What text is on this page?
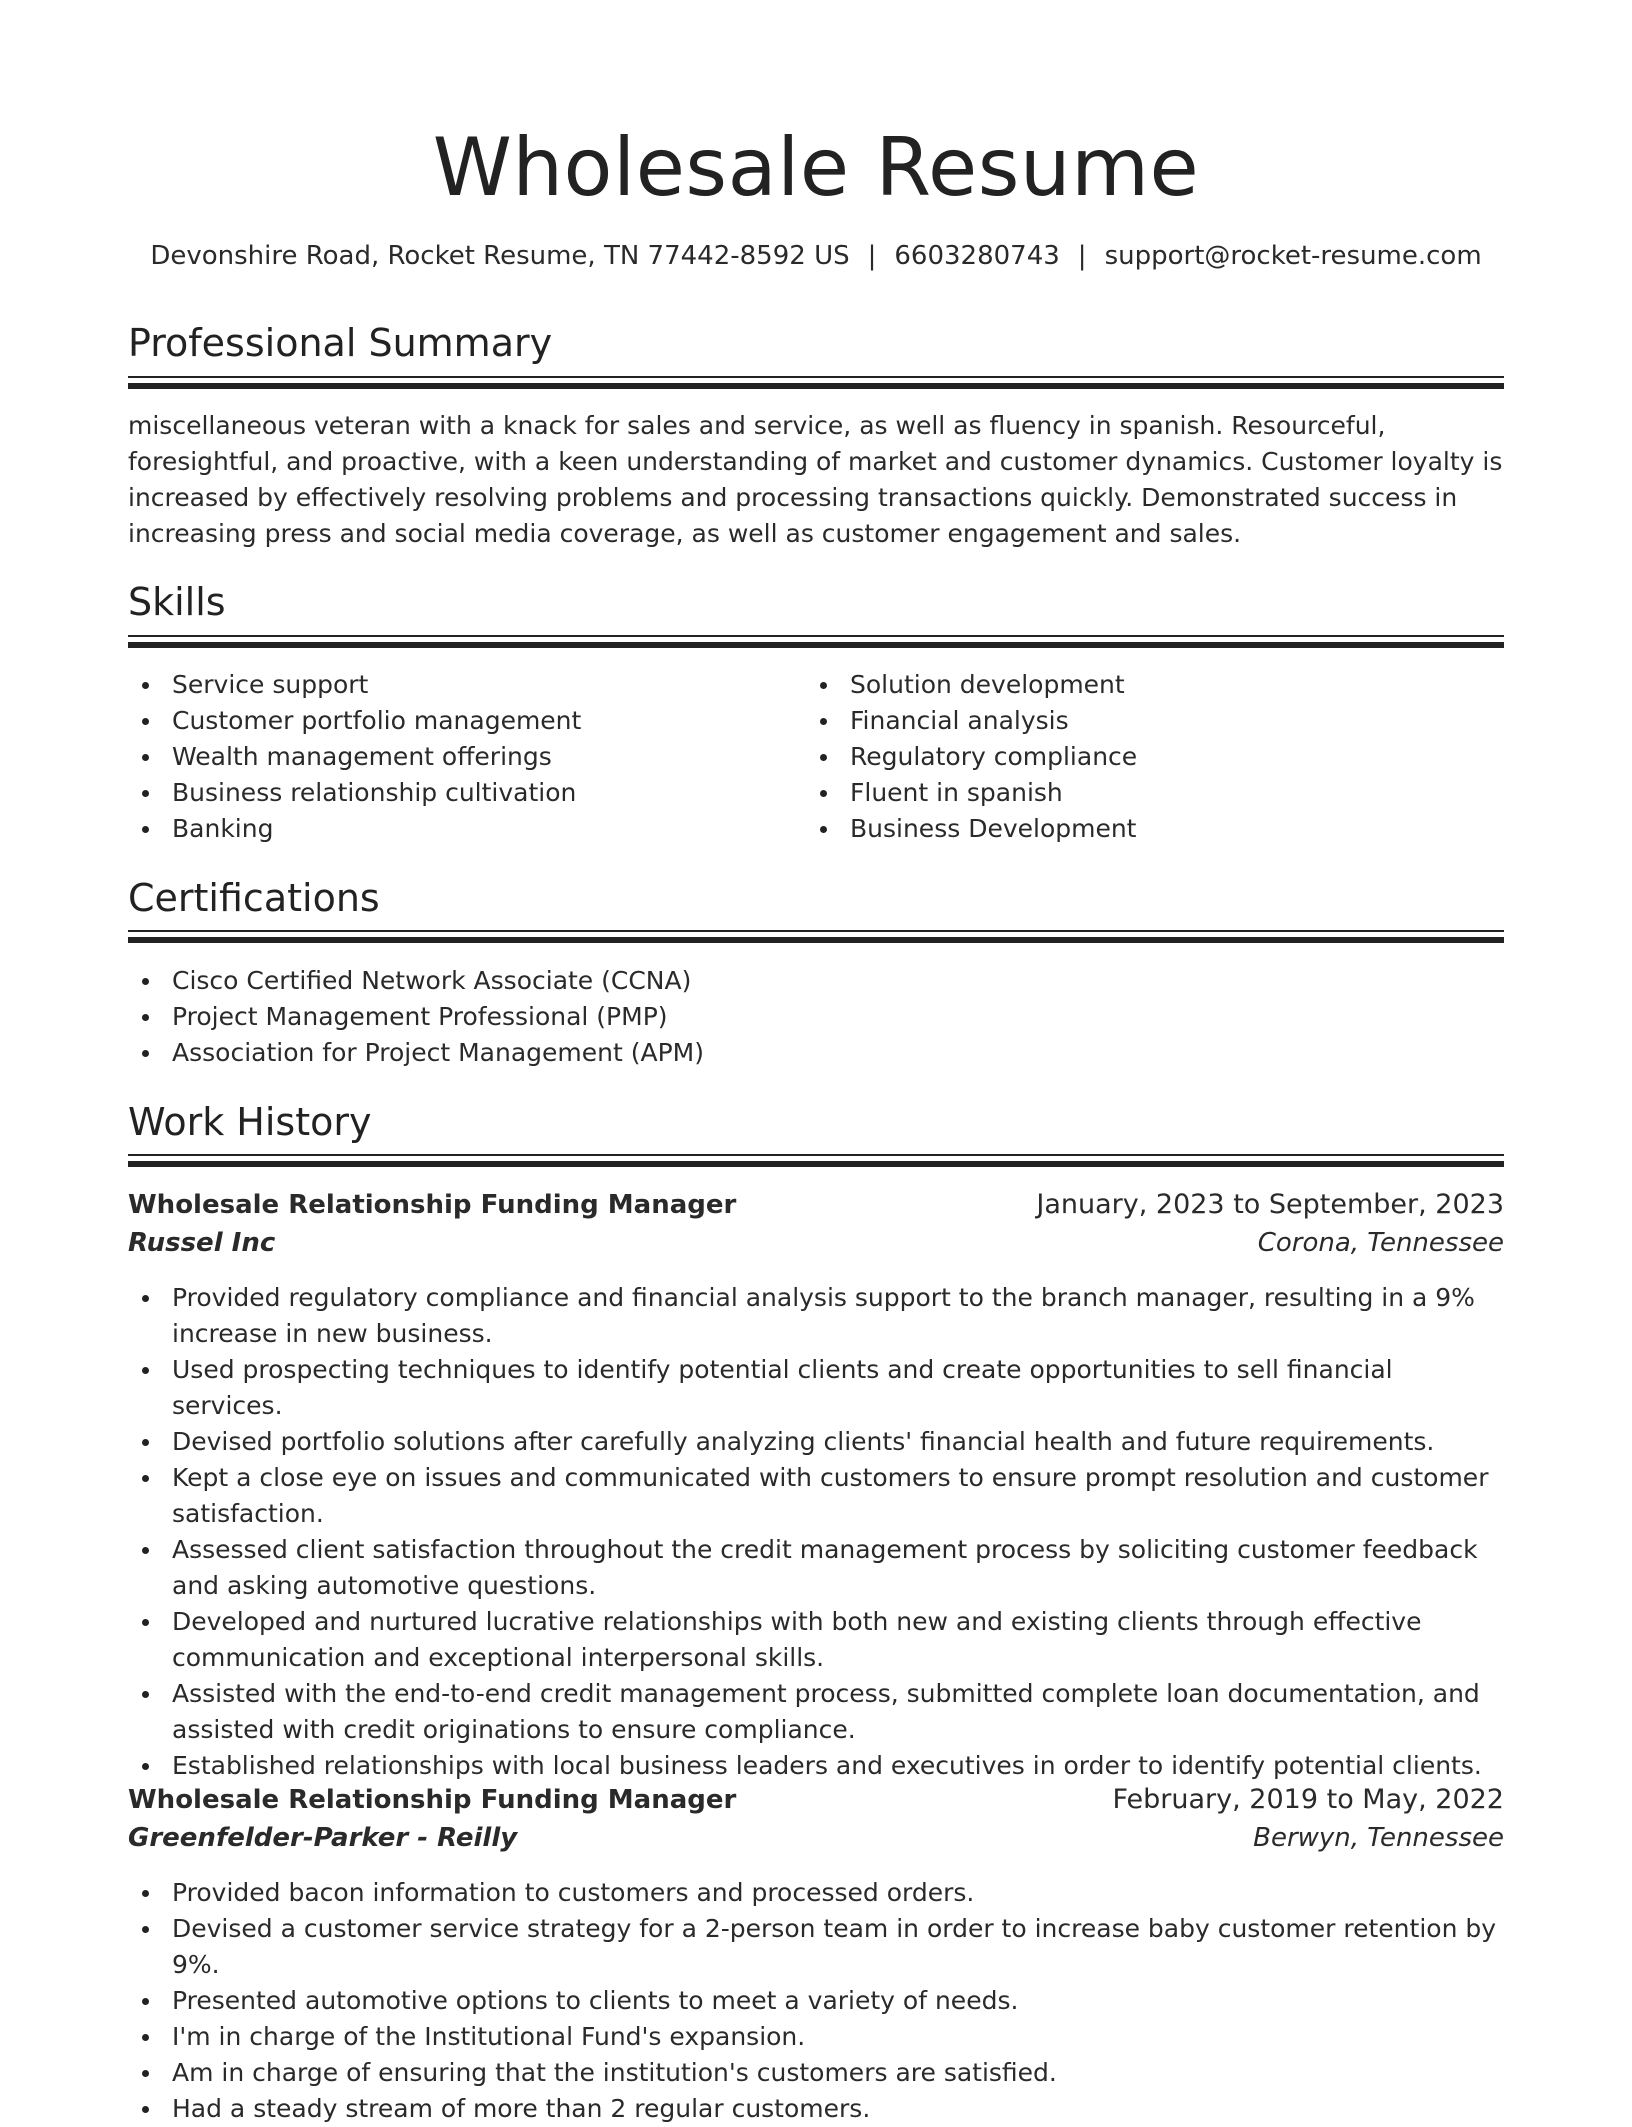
Wholesale Resume
Devonshire Road, Rocket Resume, TN 77442-8592 US | 6603280743 | support@rocket-resume.com
Professional Summary
miscellaneous veteran with a knack for sales and service, as well as fluency in spanish. Resourceful, foresightful, and proactive, with a keen understanding of market and customer dynamics. Customer loyalty is increased by effectively resolving problems and processing transactions quickly. Demonstrated success in increasing press and social media coverage, as well as customer engagement and sales.
Skills
Service support
Customer portfolio management
Wealth management offerings
Business relationship cultivation
Banking
Solution development
Financial analysis
Regulatory compliance
Fluent in spanish
Business Development
Certifications
Cisco Certified Network Associate (CCNA)
Project Management Professional (PMP)
Association for Project Management (APM)
Work History
Wholesale Relationship Funding Manager	January, 2023 to September, 2023
Russel Inc	Corona, Tennessee
Provided regulatory compliance and financial analysis support to the branch manager, resulting in a 9% increase in new business.
Used prospecting techniques to identify potential clients and create opportunities to sell financial services.
Devised portfolio solutions after carefully analyzing clients' financial health and future requirements.
Kept a close eye on issues and communicated with customers to ensure prompt resolution and customer satisfaction.
Assessed client satisfaction throughout the credit management process by soliciting customer feedback and asking automotive questions.
Developed and nurtured lucrative relationships with both new and existing clients through effective communication and exceptional interpersonal skills.
Assisted with the end-to-end credit management process, submitted complete loan documentation, and assisted with credit originations to ensure compliance.
Established relationships with local business leaders and executives in order to identify potential clients.
Wholesale Relationship Funding Manager	February, 2019 to May, 2022
Greenfelder-Parker - Reilly	Berwyn, Tennessee
Provided bacon information to customers and processed orders.
Devised a customer service strategy for a 2-person team in order to increase baby customer retention by 9%.
Presented automotive options to clients to meet a variety of needs.
I'm in charge of the Institutional Fund's expansion.
Am in charge of ensuring that the institution's customers are satisfied.
Had a steady stream of more than 2 regular customers.
